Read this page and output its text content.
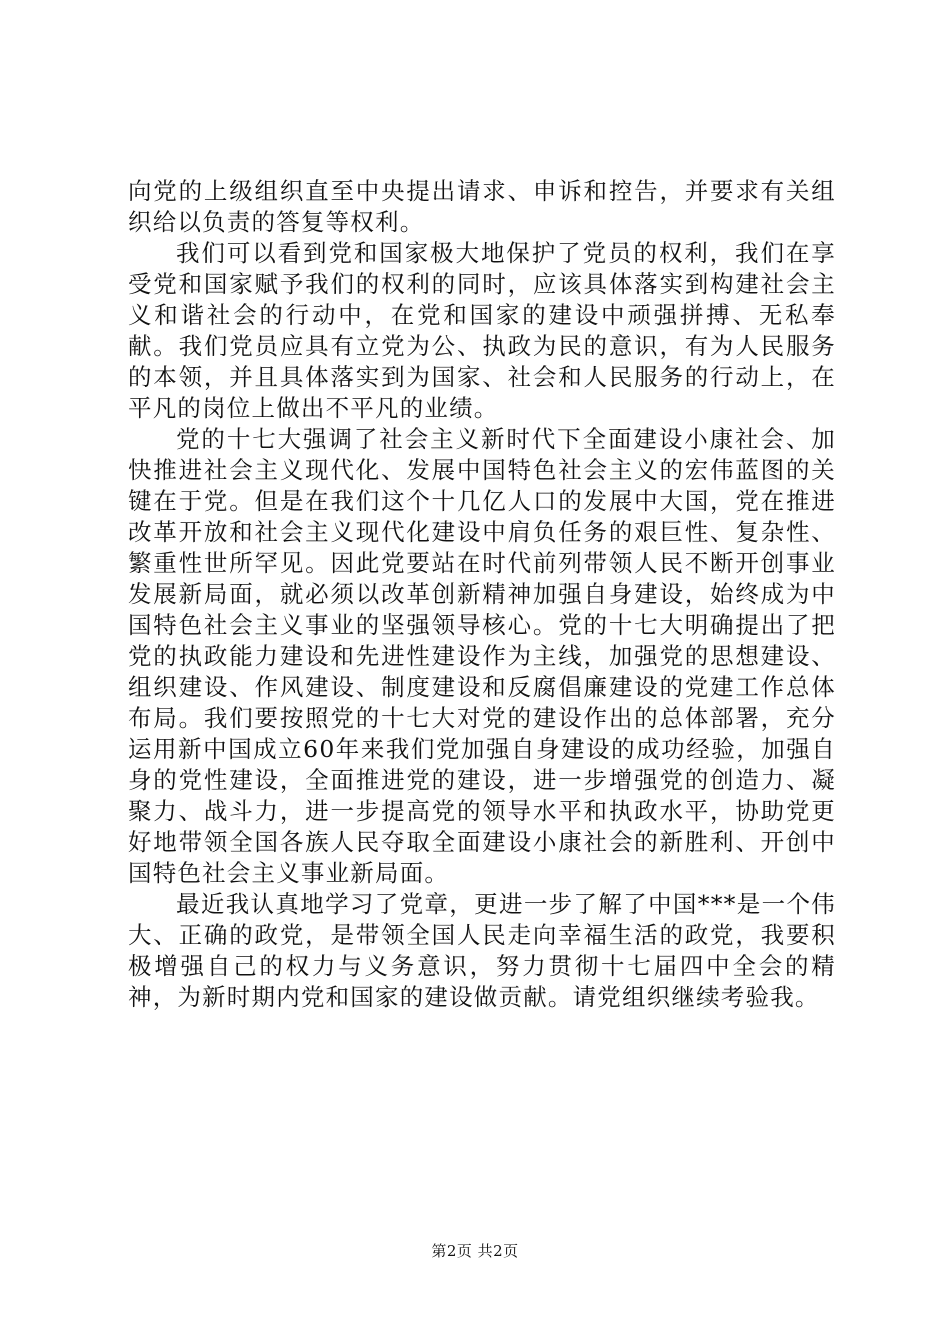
向党的上级组织直至中央提出请求、申诉和控告，并要求有关组织给以负责的答复等权利。

我们可以看到党和国家极大地保护了党员的权利，我们在享受党和国家赋予我们的权利的同时，应该具体落实到构建社会主义和谐社会的行动中，在党和国家的建设中顽强拼搏、无私奉献。我们党员应具有立党为公、执政为民的意识，有为人民服务的本领，并且具体落实到为国家、社会和人民服务的行动上，在平凡的岗位上做出不平凡的业绩。

党的十七大强调了社会主义新时代下全面建设小康社会、加快推进社会主义现代化、发展中国特色社会主义的宏伟蓝图的关键在于党。但是在我们这个十几亿人口的发展中大国，党在推进改革开放和社会主义现代化建设中肩负任务的艰巨性、复杂性、繁重性世所罕见。因此党要站在时代前列带领人民不断开创事业发展新局面，就必须以改革创新精神加强自身建设，始终成为中国特色社会主义事业的坚强领导核心。党的十七大明确提出了把党的执政能力建设和先进性建设作为主线，加强党的思想建设、组织建设、作风建设、制度建设和反腐倡廉建设的党建工作总体布局。我们要按照党的十七大对党的建设作出的总体部署，充分运用新中国成立60年来我们党加强自身建设的成功经验，加强自身的党性建设，全面推进党的建设，进一步增强党的创造力、凝聚力、战斗力，进一步提高党的领导水平和执政水平，协助党更好地带领全国各族人民夺取全面建设小康社会的新胜利、开创中国特色社会主义事业新局面。

最近我认真地学习了党章，更进一步了解了中国***是一个伟大、正确的政党，是带领全国人民走向幸福生活的政党，我要积极增强自己的权力与义务意识，努力贯彻十七届四中全会的精神，为新时期内党和国家的建设做贡献。请党组织继续考验我。

第2页 共2页
